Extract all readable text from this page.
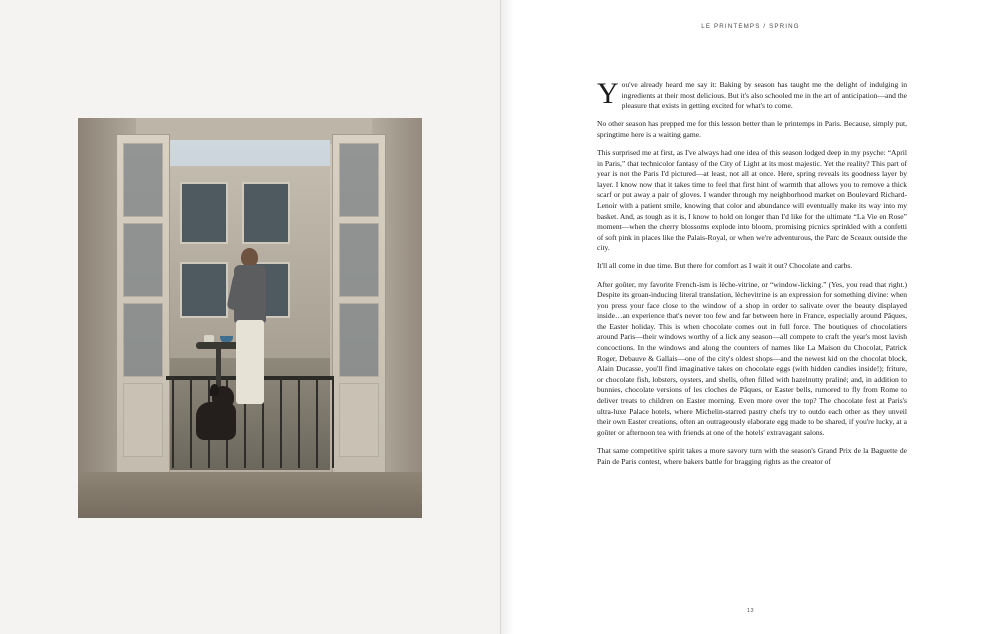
LE PRINTEMPS / SPRING

You've already heard me say it: Baking by season has taught me the delight of indulging in ingredients at their most delicious. But it's also schooled me in the art of anticipation—and the pleasure that exists in getting excited for what's to come.

No other season has prepped me for this lesson better than le printemps in Paris. Because, simply put, springtime here is a waiting game.

This surprised me at first, as I've always had one idea of this season lodged deep in my psyche: “April in Paris,” that technicolor fantasy of the City of Light at its most majestic. Yet the reality? This part of year is not the Paris I'd pictured—at least, not all at once. Here, spring reveals its goodness layer by layer. I know now that it takes time to feel that first hint of warmth that allows you to remove a thick scarf or put away a pair of gloves. I wander through my neighborhood market on Boulevard Richard-Lenoir with a patient smile, knowing that color and abundance will eventually make its way into my basket. And, as tough as it is, I know to hold on longer than I'd like for the ultimate “La Vie en Rose” moment—when the cherry blossoms explode into bloom, promising picnics sprinkled with a confetti of soft pink in places like the Palais-Royal, or when we're adventurous, the Parc de Sceaux outside the city.

It'll all come in due time. But there for comfort as I wait it out? Chocolate and carbs.

After goûter, my favorite French-ism is lèche-vitrine, or “window-licking.” (Yes, you read that right.) Despite its groan-inducing literal translation, lèchevitrine is an expression for something divine: when you press your face close to the window of a shop in order to salivate over the beauty displayed inside…an experience that's never too few and far between here in France, especially around Pâques, the Easter holiday. This is when chocolate comes out in full force. The boutiques of chocolatiers around Paris—their windows worthy of a lick any season—all compete to craft the year's most lavish concoctions. In the windows and along the counters of names like La Maison du Chocolat, Patrick Roger, Debauve & Gallais—one of the city's oldest shops—and the newest kid on the chocolat block, Alain Ducasse, you'll find imaginative takes on chocolate eggs (with hidden candies inside!); friture, or chocolate fish, lobsters, oysters, and shells, often filled with hazelnutty praliné; and, in addition to bunnies, chocolate versions of les cloches de Pâques, or Easter bells, rumored to fly from Rome to deliver treats to children on Easter morning. Even more over the top? The chocolate fest at Paris's ultra-luxe Palace hotels, where Michelin-starred pastry chefs try to outdo each other as they unveil their own Easter creations, often an outrageously elaborate egg made to be shared, if you're lucky, at a goûter or afternoon tea with friends at one of the hotels' extravagant salons.

That same competitive spirit takes a more savory turn with the season's Grand Prix de la Baguette de Pain de Paris contest, where bakers battle for bragging rights as the creator of

13
